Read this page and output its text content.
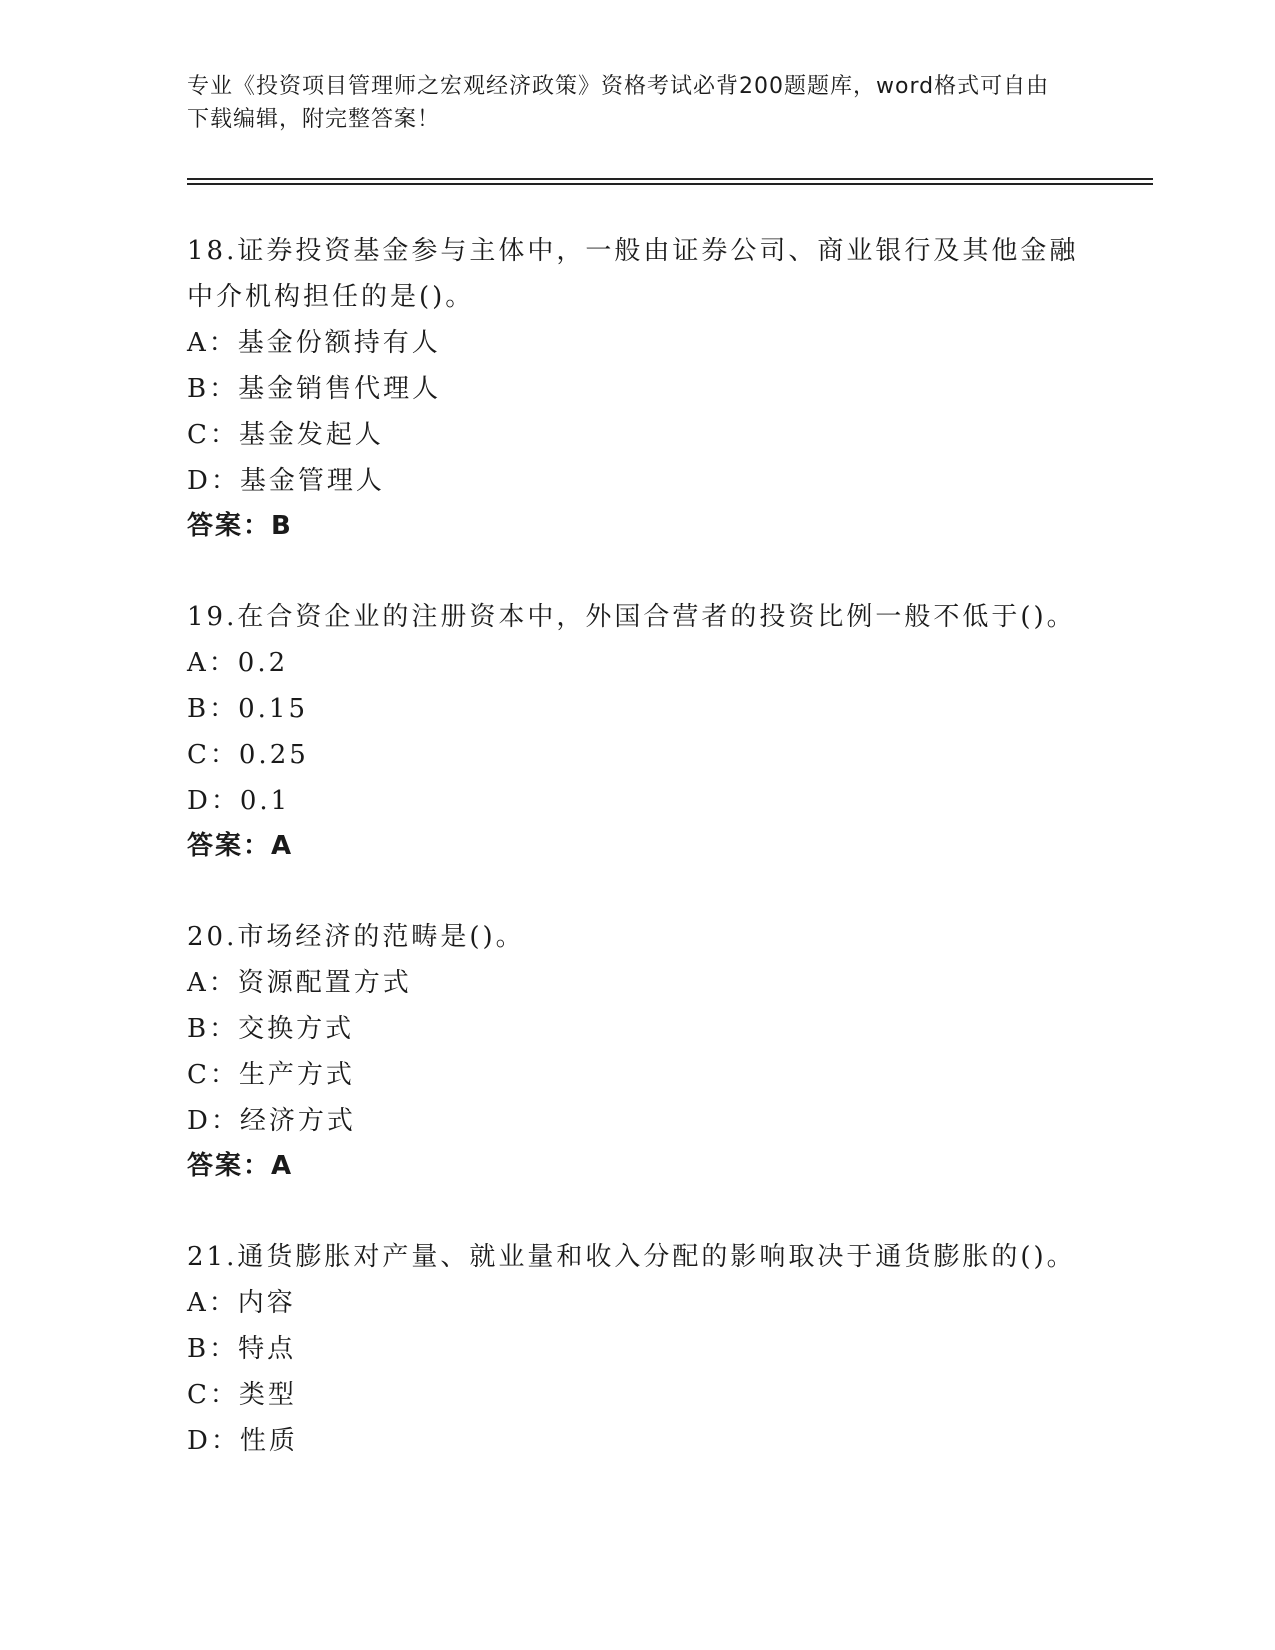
专业《投资项目管理师之宏观经济政策》资格考试必背200题题库，word格式可自由下载编辑，附完整答案！
18.证券投资基金参与主体中，一般由证券公司、商业银行及其他金融中介机构担任的是()。
A：基金份额持有人
B：基金销售代理人
C：基金发起人
D：基金管理人
答案：B
19.在合资企业的注册资本中，外国合营者的投资比例一般不低于()。
A：0.2
B：0.15
C：0.25
D：0.1
答案：A
20.市场经济的范畴是()。
A：资源配置方式
B：交换方式
C：生产方式
D：经济方式
答案：A
21.通货膨胀对产量、就业量和收入分配的影响取决于通货膨胀的()。
A：内容
B：特点
C：类型
D：性质
